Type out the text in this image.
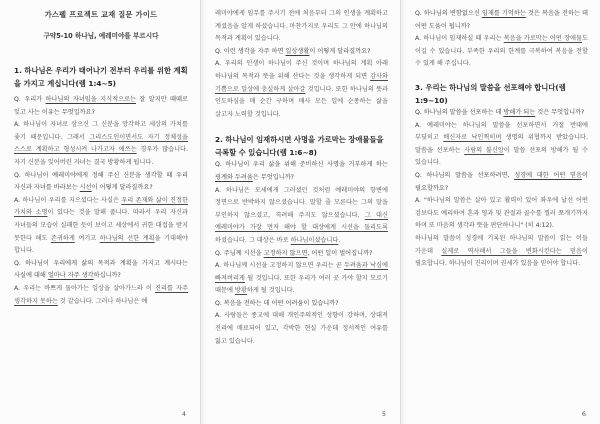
가스펠 프로젝트 교재 질문 가이드
구약5-10 하나님, 예레미야를 부르시다
1. 하나님은 우리가 태어나기 전부터 우리를 위한 계획을 가지고 계십니다(렘 1:4~5)

Q. 우리가 하나님의 자녀임을 지식적으로는 잘 알지만 때때로 잊고 사는 이유는 무엇일까요?

A. 하나님이 자녀로 삼으신 그 신분을 망각하고 세상의 가치를 좇기 때문입니다. 그래서 그리스도인이면서도 자기 정체성을 스스로 계획하고 형성시켜 나가고자 애쓰는 경우가 많습니다. 자기 신분을 잊어버린 자녀는 결국 방황하게 됩니다.

Q. 하나님이 예레미야에게 정해 주신 신분을 생각할 때 우리 자신과 자녀를 바라보는 시선이 어떻게 달라질까요?

A. 하나님이 우리를 지으셨다는 사실은 우리 존재와 삶이 진정한 가치와 소명이 있다는 것을 말해 줍니다. 따라서 우리 자신과 자녀들의 모습이 실패한 듯이 보이고 세상에서 귀한 대접을 받지 못한다 해도 존귀하게 여기고 하나님의 선한 계획을 기대해야 합니다.

Q. 하나님이 우리에게 삶의 목적과 계획을 가지고 계시다는 사실에 대해 얼마나 자주 생각하십니까?

A. 우리는 바쁘게 돌아가는 일상을 살아가느라 이 진리를 자주 생각하지 못하는 것 같습니다. 그러나 하나님은 예

4

레미야에게 임무를 주시기 전에 처음부터 그의 인생을 계획하고 계셨음을 알게 하셨습니다. 마찬가지로 우리도 그 안에 하나님의 목적과 계획이 있습니다.

Q. 이런 생각을 자주 하면 일상생활이 어떻게 달라질까요?

A. 우리의 인생이 하나님이 주신 것이며 하나님의 계획 아래 하나님의 목적과 뜻을 위해 산다는 것을 생각하게 되면 감사와 기쁨으로 일상에 충실하게 살아갈 것입니다. 또한 하나님의 뜻과 인도하심을 매 순간 구하며 매사 모든 일에 순종하는 삶을 살고자 노력할 것입니다.

2. 하나님이 임재하시면 사명을 가로막는 장애물들을 극복할 수 있습니다(렘 1:6~8)

Q. 하나님이 우리 삶을 위해 준비하신 사명을 거부하게 하는 핑계와 두려움은 무엇입니까?

A. 하나님은 모세에게 그러셨던 것처럼 예레미야의 항변에 정면으로 반박하지 않으셨습니다. 말할 줄 모른다는 그의 말을 부인하지 않으셨고, 격려해 주지도 않으셨습니다. 그 대신 예레미야가 가장 먼저 해야 할 대상에게 시선을 돌리도록 하셨습니다. 그 대상은 바로 하나님이셨습니다.

Q. 주님께 시선을 고정하지 않으면, 어떤 일이 벌어집니까?

A. 하나님께 시선을 고정하지 않으면 우리는 곧 두려움과 낙심에 빠져버리게 될 것입니다. 또한 우리가 여러 곳 가야 할지 모르기 때문에 방황하게 될 것입니다.

Q. 복음을 전하는 데 어떤 어려움이 있습니까?

A. 사람들은 종교에 대해 개인주의적인 성향이 강하며, 상대적 진리에 매료되어 있고, 각박한 현실 가운데 정서적인 여유를 잃고 있습니다.

5

Q. 하나님의 변함없으신 임재를 기억하는 것은 복음을 전하는 데 어떤 도움이 됩니까?

A. 하나님이 임재하실 때 우리는 복음을 가로막는 어떤 장애물도 이길 수 있습니다. 부족한 우리의 한계를 극복하여 복음을 전할 수 있게 해 주십니다.

3. 우리는 하나님의 말씀을 선포해야 합니다(렘 1:9~10)

Q. 하나님의 말씀을 선포하는 데 방해가 되는 것은 무엇입니까?

A. 예레미야는 하나님의 말씀을 선포하면서 거절 반대에 부딪히고 배신자로 낙인찍히며 생명의 위협까지 받았습니다. 말씀을 선포하는 사람의 불신앙이 말씀 선포의 방해가 될 수 있습니다.

Q. 하나님의 말씀을 선포하려면, 성경에 대한 어떤 믿음이 필요할까요?

A. "하나님의 말씀은 살아 있고 활력이 있어 좌우에 날선 어떤 검보다도 예리하여 혼과 영과 및 관절과 골수를 찔러 쪼개기까지 하며 또 마음의 생각과 뜻을 판단하나니" (히 4:12).
하나님의 말씀이 성경에 기록된 하나님의 말씀이 읽는 이들 가운데 실제로 역사해서 그들을 변화시킨다는 믿음이 필요합니다. 하나님이 진리이며 권세가 있음을 믿어야 합니다.

6
